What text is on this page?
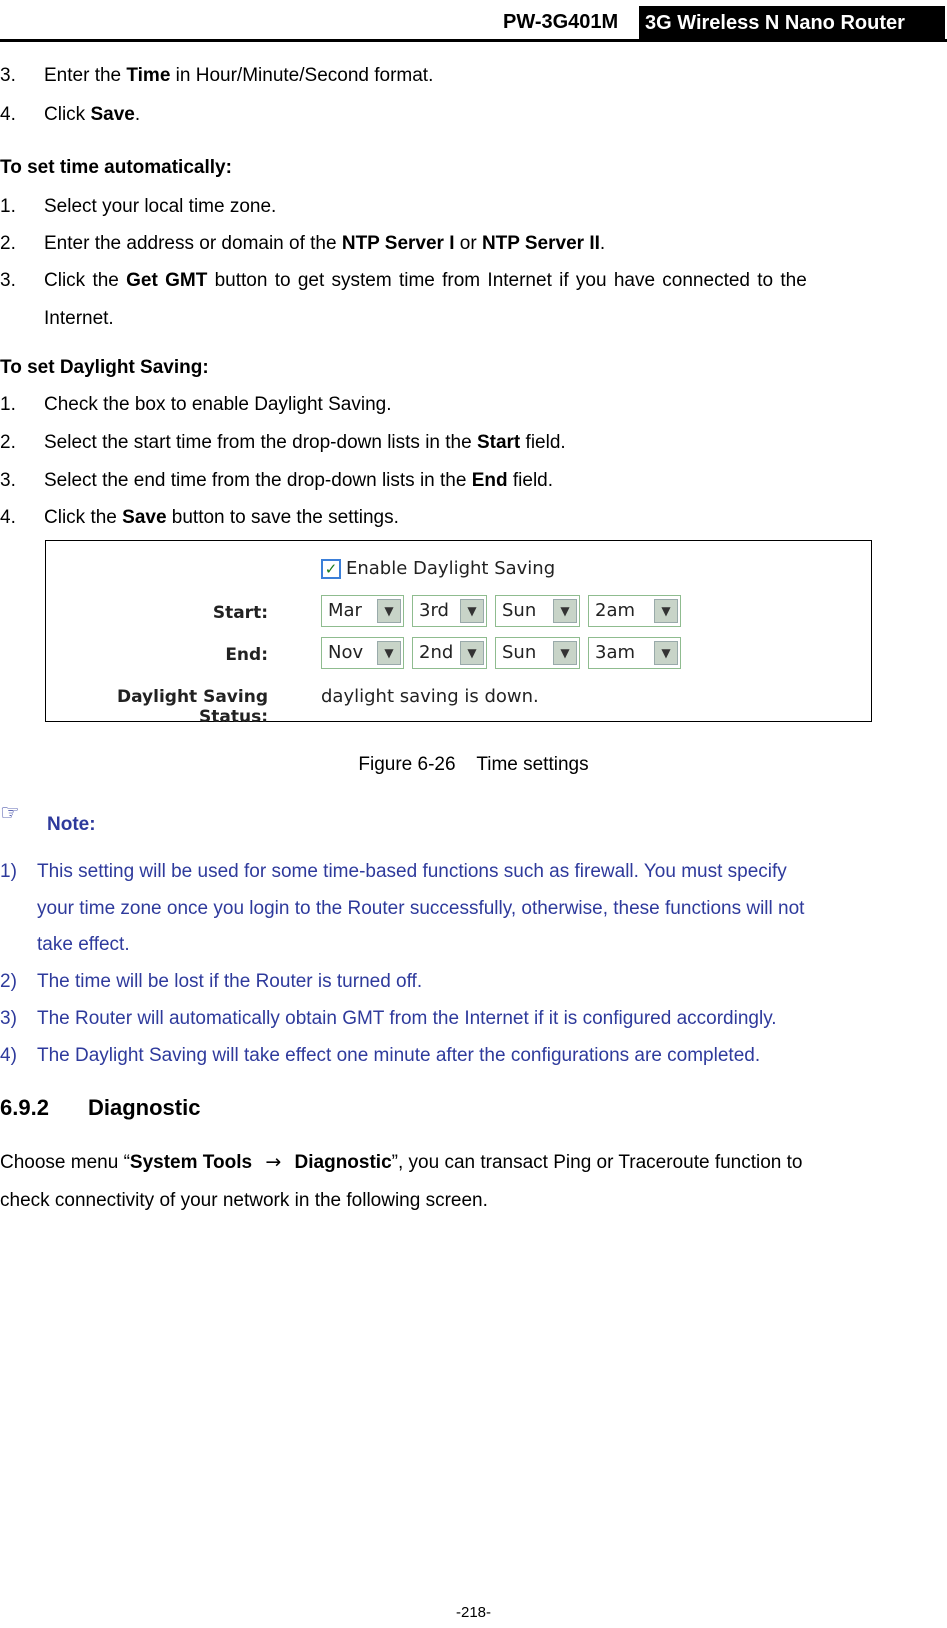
PW-3G401M	3G Wireless N Nano Router
3. Enter the Time in Hour/Minute/Second format.
4. Click Save.
To set time automatically:
1. Select your local time zone.
2. Enter the address or domain of the NTP Server I or NTP Server II.
3. Click the Get GMT button to get system time from Internet if you have connected to the
Internet.
To set Daylight Saving:
1. Check the box to enable Daylight Saving.
2. Select the start time from the drop-down lists in the Start field.
3. Select the end time from the drop-down lists in the End field.
4. Click the Save button to save the settings.
✓ Enable Daylight Saving
Start:	Mar	▼	3rd	▼	Sun	▼	2am	▼
End:	Nov	▼	2nd	▼	Sun	▼	3am	▼
Daylight Saving Status:
daylight saving is down.
Figure 6-26    Time settings
☞ Note:
1) This setting will be used for some time-based functions such as firewall. You must specify
your time zone once you login to the Router successfully, otherwise, these functions will not
take effect.
2) The time will be lost if the Router is turned off.
3) The Router will automatically obtain GMT from the Internet if it is configured accordingly.
4) The Daylight Saving will take effect one minute after the configurations are completed.
6.9.2 Diagnostic
Choose menu “System Tools → Diagnostic”, you can transact Ping or Traceroute function to
check connectivity of your network in the following screen.
-218-
